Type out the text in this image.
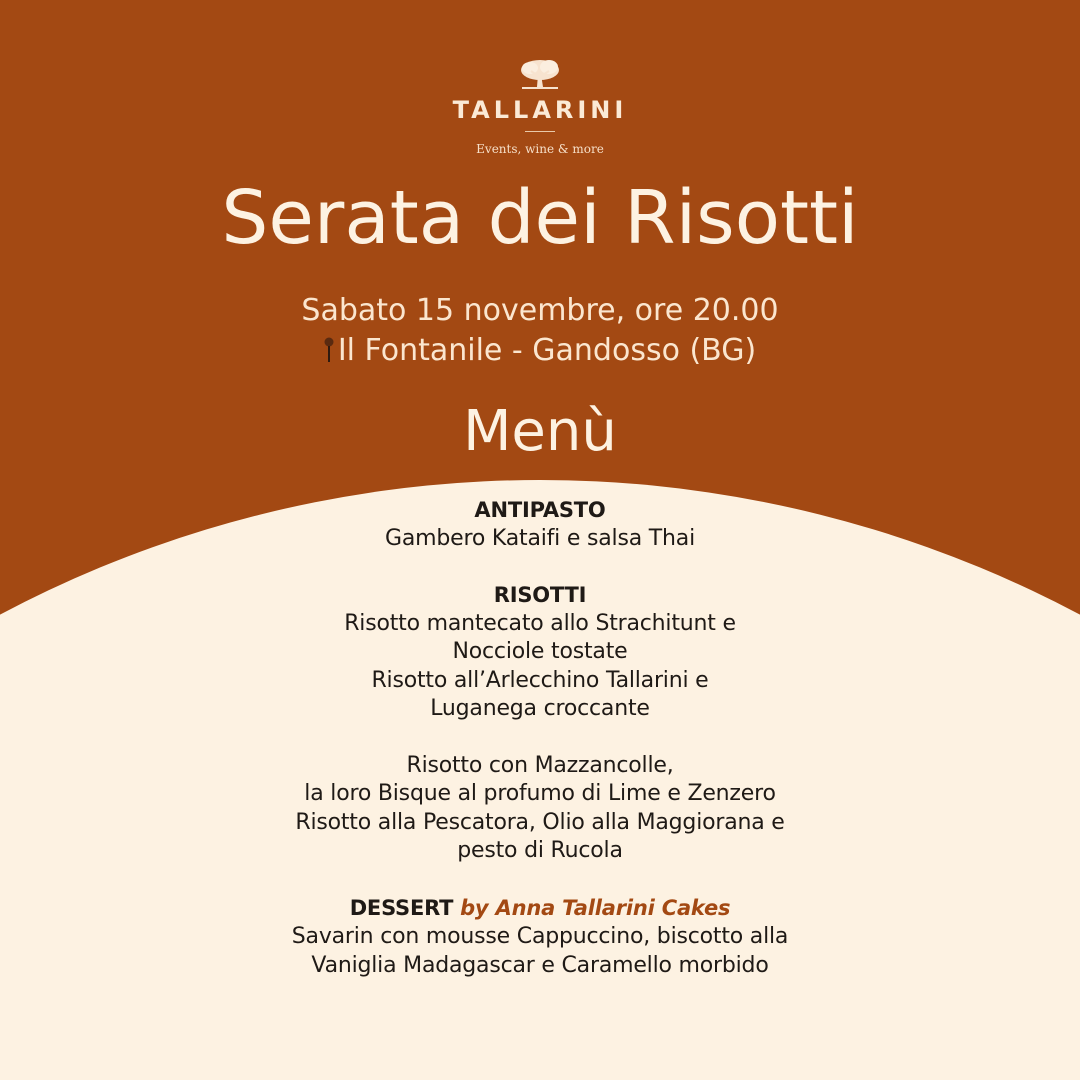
TALLARINI
Events, wine & more
Serata dei Risotti
Sabato 15 novembre, ore 20.00
Il Fontanile - Gandosso (BG)
Menù
ANTIPASTO
Gambero Kataifi e salsa Thai
RISOTTI
Risotto mantecato allo Strachitunt e
Nocciole tostate
Risotto all’Arlecchino Tallarini e
Luganega croccante
Risotto con Mazzancolle,
la loro Bisque al profumo di Lime e Zenzero
Risotto alla Pescatora, Olio alla Maggiorana e
pesto di Rucola
DESSERT by Anna Tallarini Cakes
Savarin con mousse Cappuccino, biscotto alla
Vaniglia Madagascar e Caramello morbido
